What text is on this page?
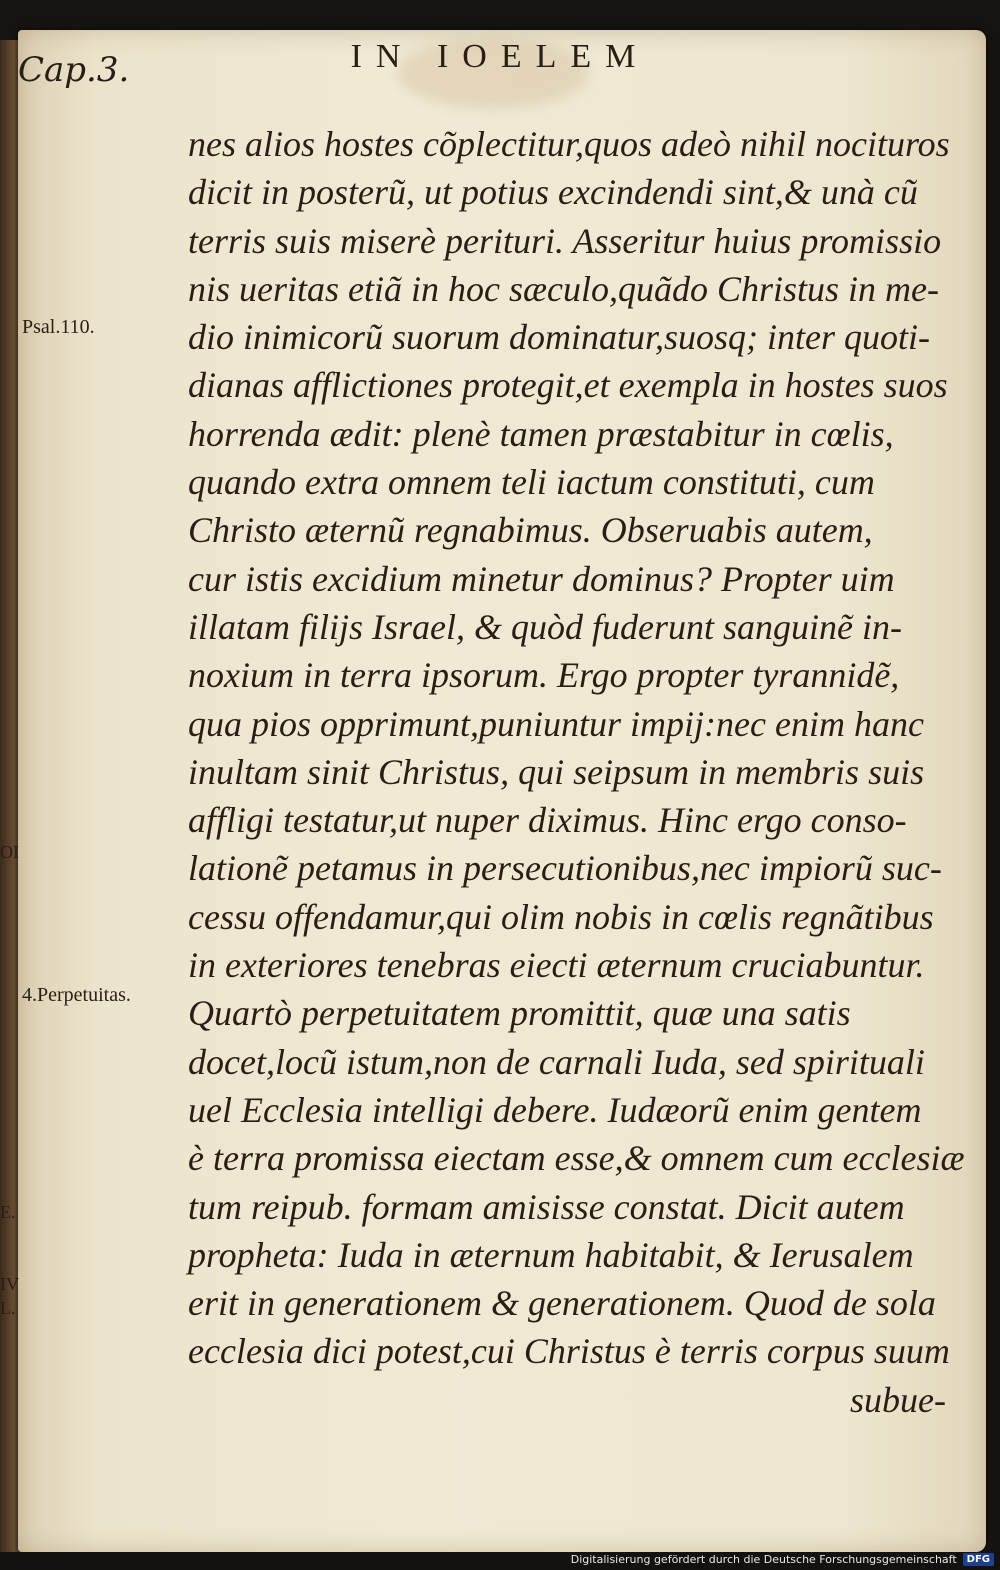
Cap.3.	IN IOELEM
Psal.110.
4.Perpetuitas.
OI
E.
IV
L.
nes alios hostes cõplectitur,quos adeò nihil nocituros
dicit in posterũ, ut potius excindendi sint,& unà cũ
terris suis miserè perituri. Asseritur huius promissio
nis ueritas etiã in hoc sæculo,quãdo Christus in me-
dio inimicorũ suorum dominatur,suosq; inter quoti-
dianas afflictiones protegit,et exempla in hostes suos
horrenda ædit: plenè tamen præstabitur in cœlis,
quando extra omnem teli iactum constituti, cum
Christo æternũ regnabimus. Obseruabis autem,
cur istis excidium minetur dominus? Propter uim
illatam filijs Israel, & quòd fuderunt sanguinẽ in-
noxium in terra ipsorum. Ergo propter tyrannidẽ,
qua pios opprimunt,puniuntur impij:nec enim hanc
inultam sinit Christus, qui seipsum in membris suis
affligi testatur,ut nuper diximus. Hinc ergo conso-
lationẽ petamus in persecutionibus,nec impiorũ suc-
cessu offendamur,qui olim nobis in cœlis regnãtibus
in exteriores tenebras eiecti æternum cruciabuntur.
Quartò perpetuitatem promittit, quæ una satis
docet,locũ istum,non de carnali Iuda, sed spirituali
uel Ecclesia intelligi debere. Iudæorũ enim gentem
è terra promissa eiectam esse,& omnem cum ecclesiæ
tum reipub. formam amisisse constat. Dicit autem
propheta: Iuda in æternum habitabit, & Ierusalem
erit in generationem & generationem. Quod de sola
ecclesia dici potest,cui Christus è terris corpus suum
subue-
Digitalisierung gefördert durch die Deutsche Forschungsgemeinschaft	DFG
